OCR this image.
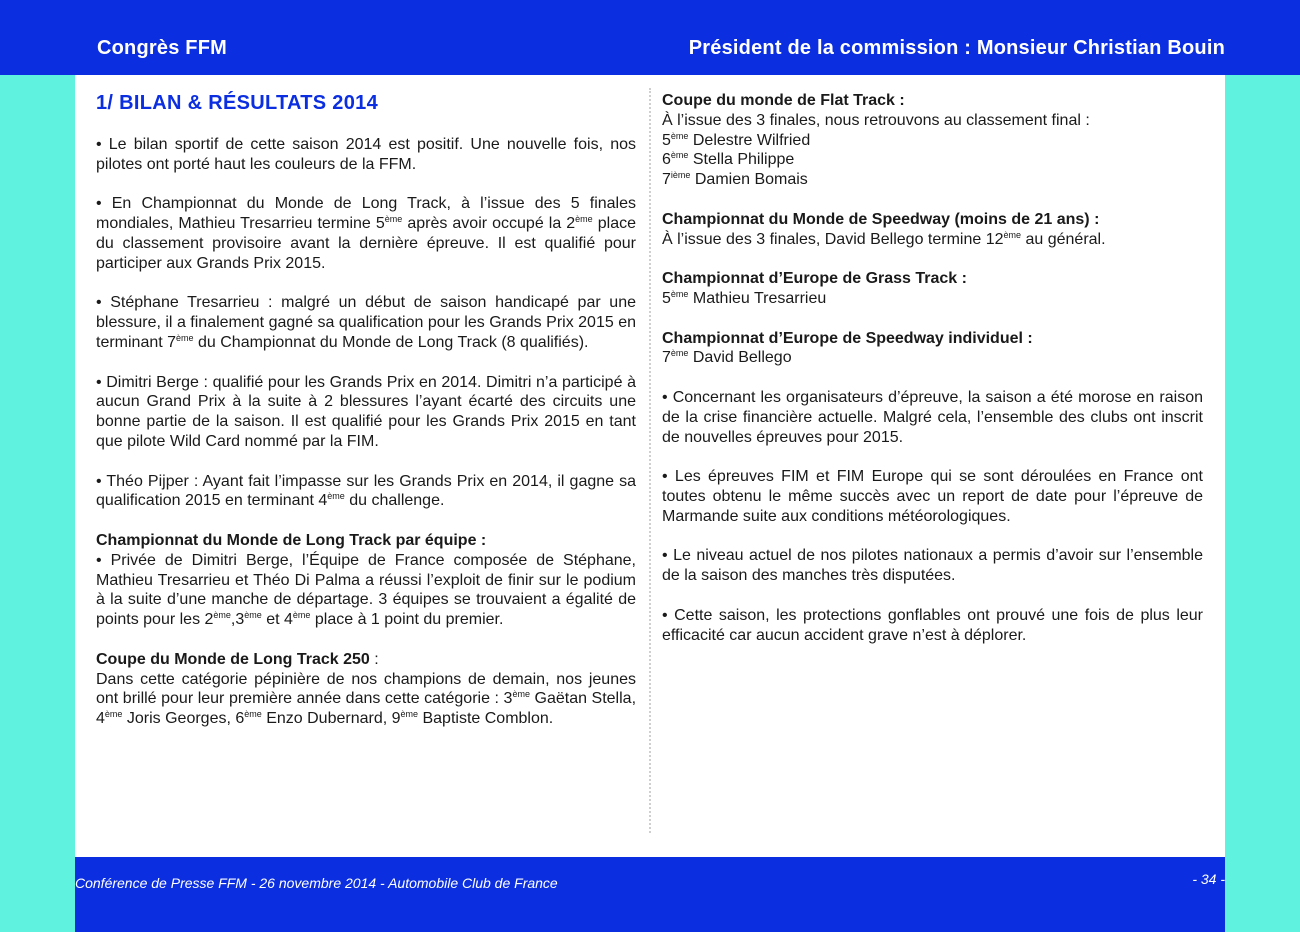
Congrès FFM	Président de la commission : Monsieur Christian Bouin
1/ BILAN & RÉSULTATS 2014

• Le bilan sportif de cette saison 2014 est positif. Une nouvelle fois, nos pilotes ont porté haut les couleurs de la FFM.

• En Championnat du Monde de Long Track, à l’issue des 5 finales mondiales, Mathieu Tresarrieu termine 5ème après avoir occupé la 2ème place du classement provisoire avant la dernière épreuve. Il est qualifié pour participer aux Grands Prix 2015.

• Stéphane Tresarrieu : malgré un début de saison handicapé par une blessure, il a finalement gagné sa qualification pour les Grands Prix 2015 en terminant 7ème du Championnat du Monde de Long Track (8 qualifiés).

• Dimitri Berge : qualifié pour les Grands Prix en 2014. Dimitri n’a participé à aucun Grand Prix à la suite à 2 blessures l’ayant écarté des circuits une bonne partie de la saison. Il est qualifié pour les Grands Prix 2015 en tant que pilote Wild Card nommé par la FIM.

• Théo Pijper : Ayant fait l’impasse sur les Grands Prix en 2014, il gagne sa qualification 2015 en terminant 4ème du challenge.

Championnat du Monde de Long Track par équipe :

• Privée de Dimitri Berge, l’Équipe de France composée de Stéphane, Mathieu Tresarrieu et Théo Di Palma a réussi l’exploit de finir sur le podium à la suite d’une manche de départage. 3 équipes se trouvaient a égalité de points pour les 2ème,3ème et 4ème place à 1 point du premier.

Coupe du Monde de Long Track 250 :

Dans cette catégorie pépinière de nos champions de demain, nos jeunes ont brillé pour leur première année dans cette catégorie : 3ème Gaëtan Stella, 4ème Joris Georges, 6ème Enzo Dubernard, 9ème Baptiste Comblon.

Coupe du monde de Flat Track :
À l’issue des 3 finales, nous retrouvons au classement final :
5ème Delestre Wilfried
6ème Stella Philippe

7ième Damien Bomais

Championnat du Monde de Speedway (moins de 21 ans) :

À l’issue des 3 finales, David Bellego termine 12ème au général.

Championnat d’Europe de Grass Track :

5ème Mathieu Tresarrieu

Championnat d’Europe de Speedway individuel :

7ème David Bellego

• Concernant les organisateurs d’épreuve, la saison a été morose en raison de la crise financière actuelle. Malgré cela, l’ensemble des clubs ont inscrit de nouvelles épreuves pour 2015.

• Les épreuves FIM et FIM Europe qui se sont déroulées en France ont toutes obtenu le même succès avec un report de date pour l’épreuve de Marmande suite aux conditions météorologiques.

• Le niveau actuel de nos pilotes nationaux a permis d’avoir sur l’ensemble de la saison des manches très disputées.

• Cette saison, les protections gonflables ont prouvé une fois de plus leur efficacité car aucun accident grave n’est à déplorer.

Conférence de Presse FFM - 26 novembre 2014 - Automobile Club de France	- 34 -
